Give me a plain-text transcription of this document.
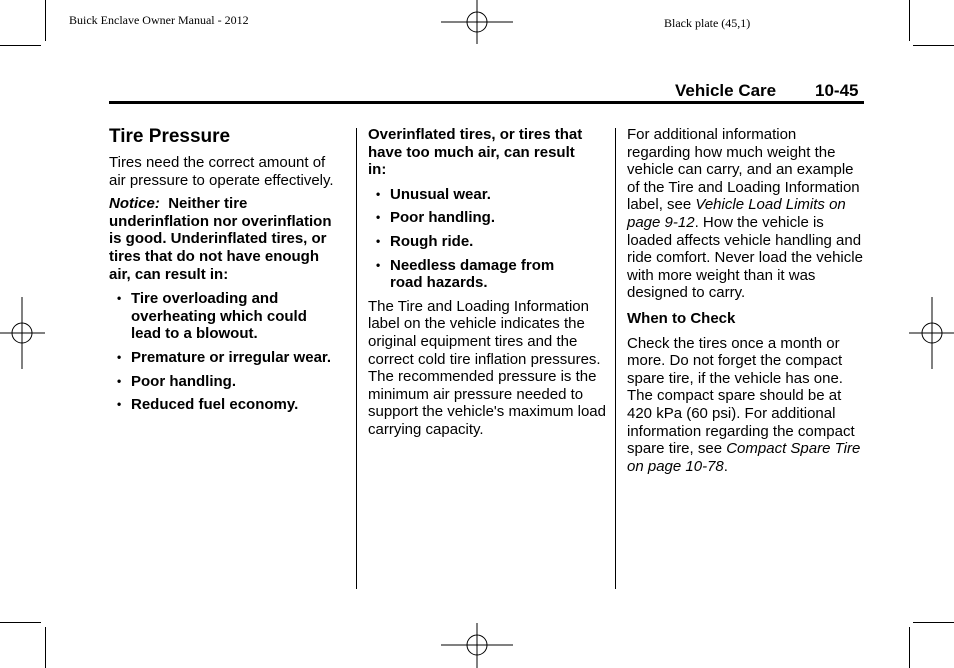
Buick Enclave Owner Manual - 2012	Black plate (45,1)
Vehicle Care 10-45
Tire Pressure

Tires need the correct amount of air pressure to operate effectively.

Notice: Neither tire underinflation nor overinflation is good. Underinflated tires, or tires that do not have enough air, can result in:

• Tire overloading and overheating which could lead to a blowout.
• Premature or irregular wear.
• Poor handling.
• Reduced fuel economy.

Overinflated tires, or tires that have too much air, can result in:

• Unusual wear.
• Poor handling.
• Rough ride.
• Needless damage from road hazards.

The Tire and Loading Information label on the vehicle indicates the original equipment tires and the correct cold tire inflation pressures. The recommended pressure is the minimum air pressure needed to support the vehicle's maximum load carrying capacity.

For additional information regarding how much weight the vehicle can carry, and an example of the Tire and Loading Information label, see Vehicle Load Limits on page 9-12. How the vehicle is loaded affects vehicle handling and ride comfort. Never load the vehicle with more weight than it was designed to carry.

When to Check

Check the tires once a month or more. Do not forget the compact spare tire, if the vehicle has one. The compact spare should be at 420 kPa (60 psi). For additional information regarding the compact spare tire, see Compact Spare Tire on page 10-78.
